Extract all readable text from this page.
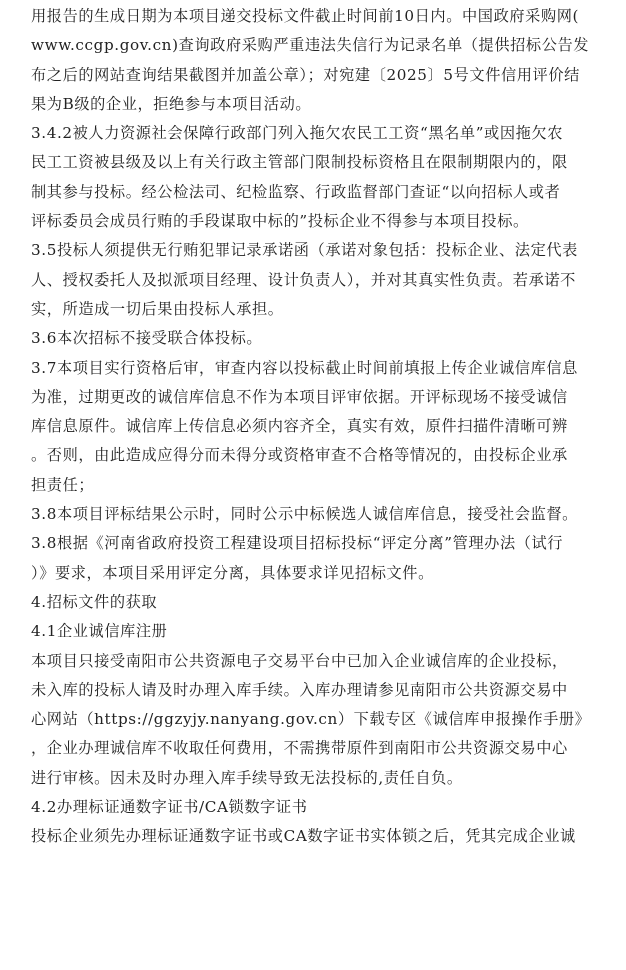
用报告的生成日期为本项目递交投标文件截止时间前10日内。中国政府采购网(
www.ccgp.gov.cn)查询政府采购严重违法失信行为记录名单（提供招标公告发
布之后的网站查询结果截图并加盖公章）；对宛建〔2025〕5号文件信用评价结
果为B级的企业，拒绝参与本项目活动。
3.4.2被人力资源社会保障行政部门列入拖欠农民工工资“黑名单”或因拖欠农
民工工资被县级及以上有关行政主管部门限制投标资格且在限制期限内的，限
制其参与投标。经公检法司、纪检监察、行政监督部门查证“以向招标人或者
评标委员会成员行贿的手段谋取中标的”投标企业不得参与本项目投标。
3.5投标人须提供无行贿犯罪记录承诺函（承诺对象包括：投标企业、法定代表
人、授权委托人及拟派项目经理、设计负责人），并对其真实性负责。若承诺不
实，所造成一切后果由投标人承担。
3.6本次招标不接受联合体投标。
3.7本项目实行资格后审，审查内容以投标截止时间前填报上传企业诚信库信息
为准，过期更改的诚信库信息不作为本项目评审依据。开评标现场不接受诚信
库信息原件。诚信库上传信息必须内容齐全，真实有效，原件扫描件清晰可辨
。否则，由此造成应得分而未得分或资格审查不合格等情况的，由投标企业承
担责任；
3.8本项目评标结果公示时，同时公示中标候选人诚信库信息，接受社会监督。
3.8根据《河南省政府投资工程建设项目招标投标“评定分离”管理办法（试行
）》要求，本项目采用评定分离，具体要求详见招标文件。
4.招标文件的获取
4.1企业诚信库注册
本项目只接受南阳市公共资源电子交易平台中已加入企业诚信库的企业投标，
未入库的投标人请及时办理入库手续。入库办理请参见南阳市公共资源交易中
心网站（https://ggzyjy.nanyang.gov.cn）下载专区《诚信库申报操作手册》
，企业办理诚信库不收取任何费用，不需携带原件到南阳市公共资源交易中心
进行审核。因未及时办理入库手续导致无法投标的,责任自负。
4.2办理标证通数字证书/CA锁数字证书
投标企业须先办理标证通数字证书或CA数字证书实体锁之后，凭其完成企业诚
